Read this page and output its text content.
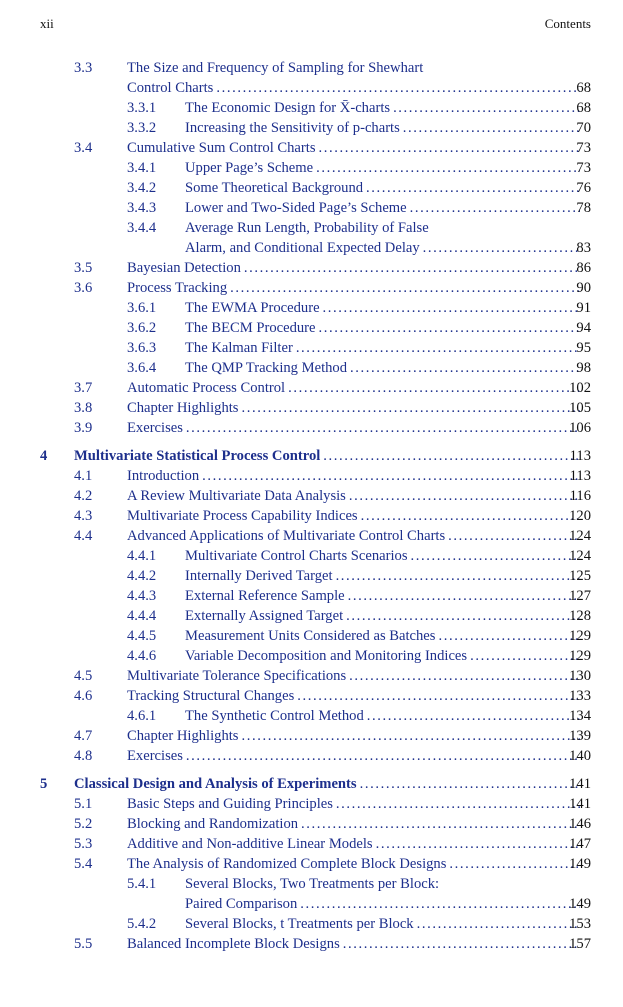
xii	Contents
3.3 The Size and Frequency of Sampling for Shewhart
Control Charts .....	68
3.3.1 The Economic Design for X̄-charts .....	68
3.3.2 Increasing the Sensitivity of p-charts .....	70
3.4 Cumulative Sum Control Charts .....	73
3.4.1 Upper Page’s Scheme .....	73
3.4.2 Some Theoretical Background .....	76
3.4.3 Lower and Two-Sided Page’s Scheme .....	78
3.4.4 Average Run Length, Probability of False
Alarm, and Conditional Expected Delay .....	83
3.5 Bayesian Detection .....	86
3.6 Process Tracking .....	90
3.6.1 The EWMA Procedure .....	91
3.6.2 The BECM Procedure .....	94
3.6.3 The Kalman Filter .....	95
3.6.4 The QMP Tracking Method .....	98
3.7 Automatic Process Control .....	102
3.8 Chapter Highlights .....	105
3.9 Exercises .....	106
4 Multivariate Statistical Process Control .....	113
4.1 Introduction .....	113
4.2 A Review Multivariate Data Analysis .....	116
4.3 Multivariate Process Capability Indices .....	120
4.4 Advanced Applications of Multivariate Control Charts .....	124
4.4.1 Multivariate Control Charts Scenarios .....	124
4.4.2 Internally Derived Target .....	125
4.4.3 External Reference Sample .....	127
4.4.4 Externally Assigned Target .....	128
4.4.5 Measurement Units Considered as Batches .....	129
4.4.6 Variable Decomposition and Monitoring Indices .....	129
4.5 Multivariate Tolerance Specifications .....	130
4.6 Tracking Structural Changes .....	133
4.6.1 The Synthetic Control Method .....	134
4.7 Chapter Highlights .....	139
4.8 Exercises .....	140
5 Classical Design and Analysis of Experiments .....	141
5.1 Basic Steps and Guiding Principles .....	141
5.2 Blocking and Randomization .....	146
5.3 Additive and Non-additive Linear Models .....	147
5.4 The Analysis of Randomized Complete Block Designs .....	149
5.4.1 Several Blocks, Two Treatments per Block:
Paired Comparison .....	149
5.4.2 Several Blocks, t Treatments per Block .....	153
5.5 Balanced Incomplete Block Designs .....	157
